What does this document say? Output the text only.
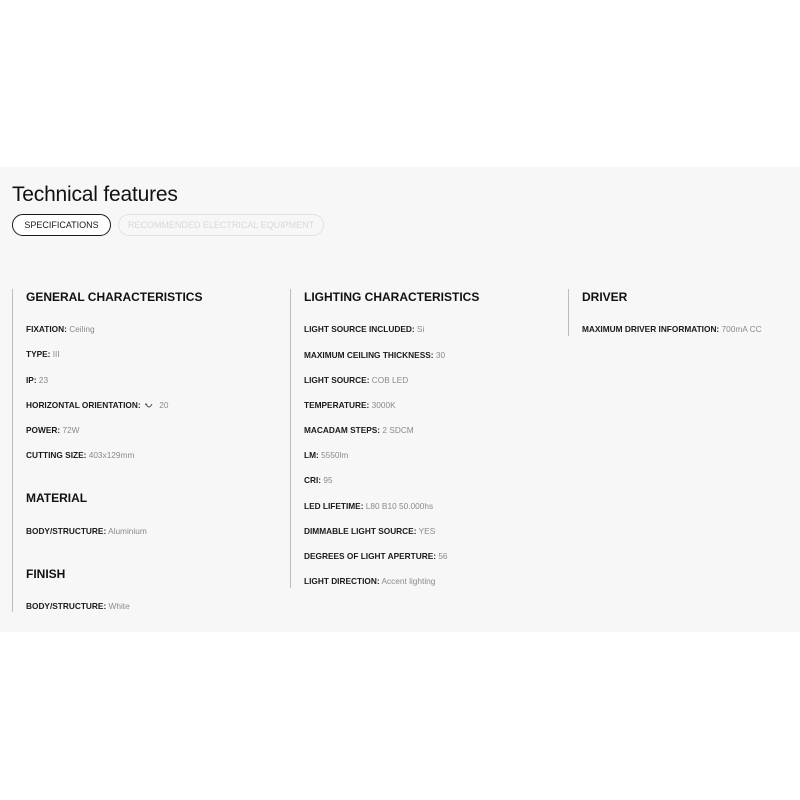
Technical features
SPECIFICATIONS	RECOMMENDED ELECTRICAL EQUIPMENT
GENERAL CHARACTERISTICS
FIXATION: Ceiling
TYPE: III
IP: 23
HORIZONTAL ORIENTATION: 20
POWER: 72W
CUTTING SIZE: 403x129mm
MATERIAL
BODY/STRUCTURE: Aluminium
FINISH
BODY/STRUCTURE: White
LIGHTING CHARACTERISTICS
LIGHT SOURCE INCLUDED: Si
MAXIMUM CEILING THICKNESS: 30
LIGHT SOURCE: COB LED
TEMPERATURE: 3000K
MACADAM STEPS: 2 SDCM
LM: 5550lm
CRI: 95
LED LIFETIME: L80 B10 50.000hs
DIMMABLE LIGHT SOURCE: YES
DEGREES OF LIGHT APERTURE: 56
LIGHT DIRECTION: Accent lighting
DRIVER
MAXIMUM DRIVER INFORMATION: 700mA CC
